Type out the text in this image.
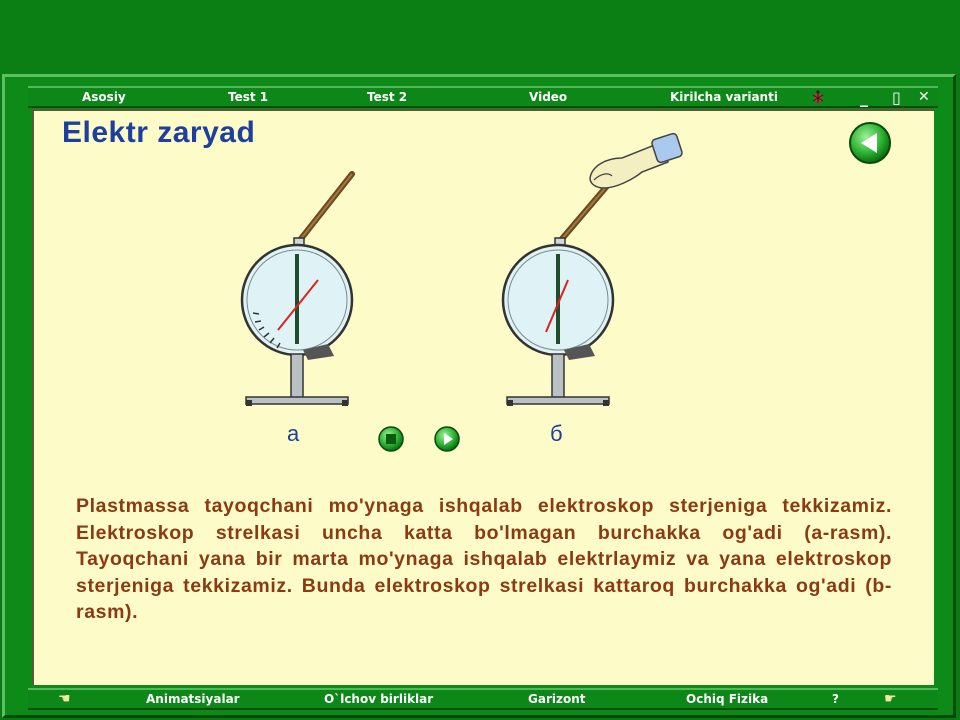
Asosiy	Test 1	Test 2	Video	Kirilcha varianti	_ ▯ ✕
Elektr zaryad
а	б
Plastmassa tayoqchani mo'ynaga ishqalab elektroskop sterjeniga tekkizamiz. Elektroskop strelkasi uncha katta bo'lmagan burchakka og'adi (a-rasm). Tayoqchani yana bir marta mo'ynaga ishqalab elektrlaymiz va yana elektroskop sterjeniga tekkizamiz. Bunda elektroskop strelkasi kattaroq burchakka og'adi (b-rasm).
☚	Animatsiyalar	O`lchov birliklar	Garizont	Ochiq Fizika	?	☛
